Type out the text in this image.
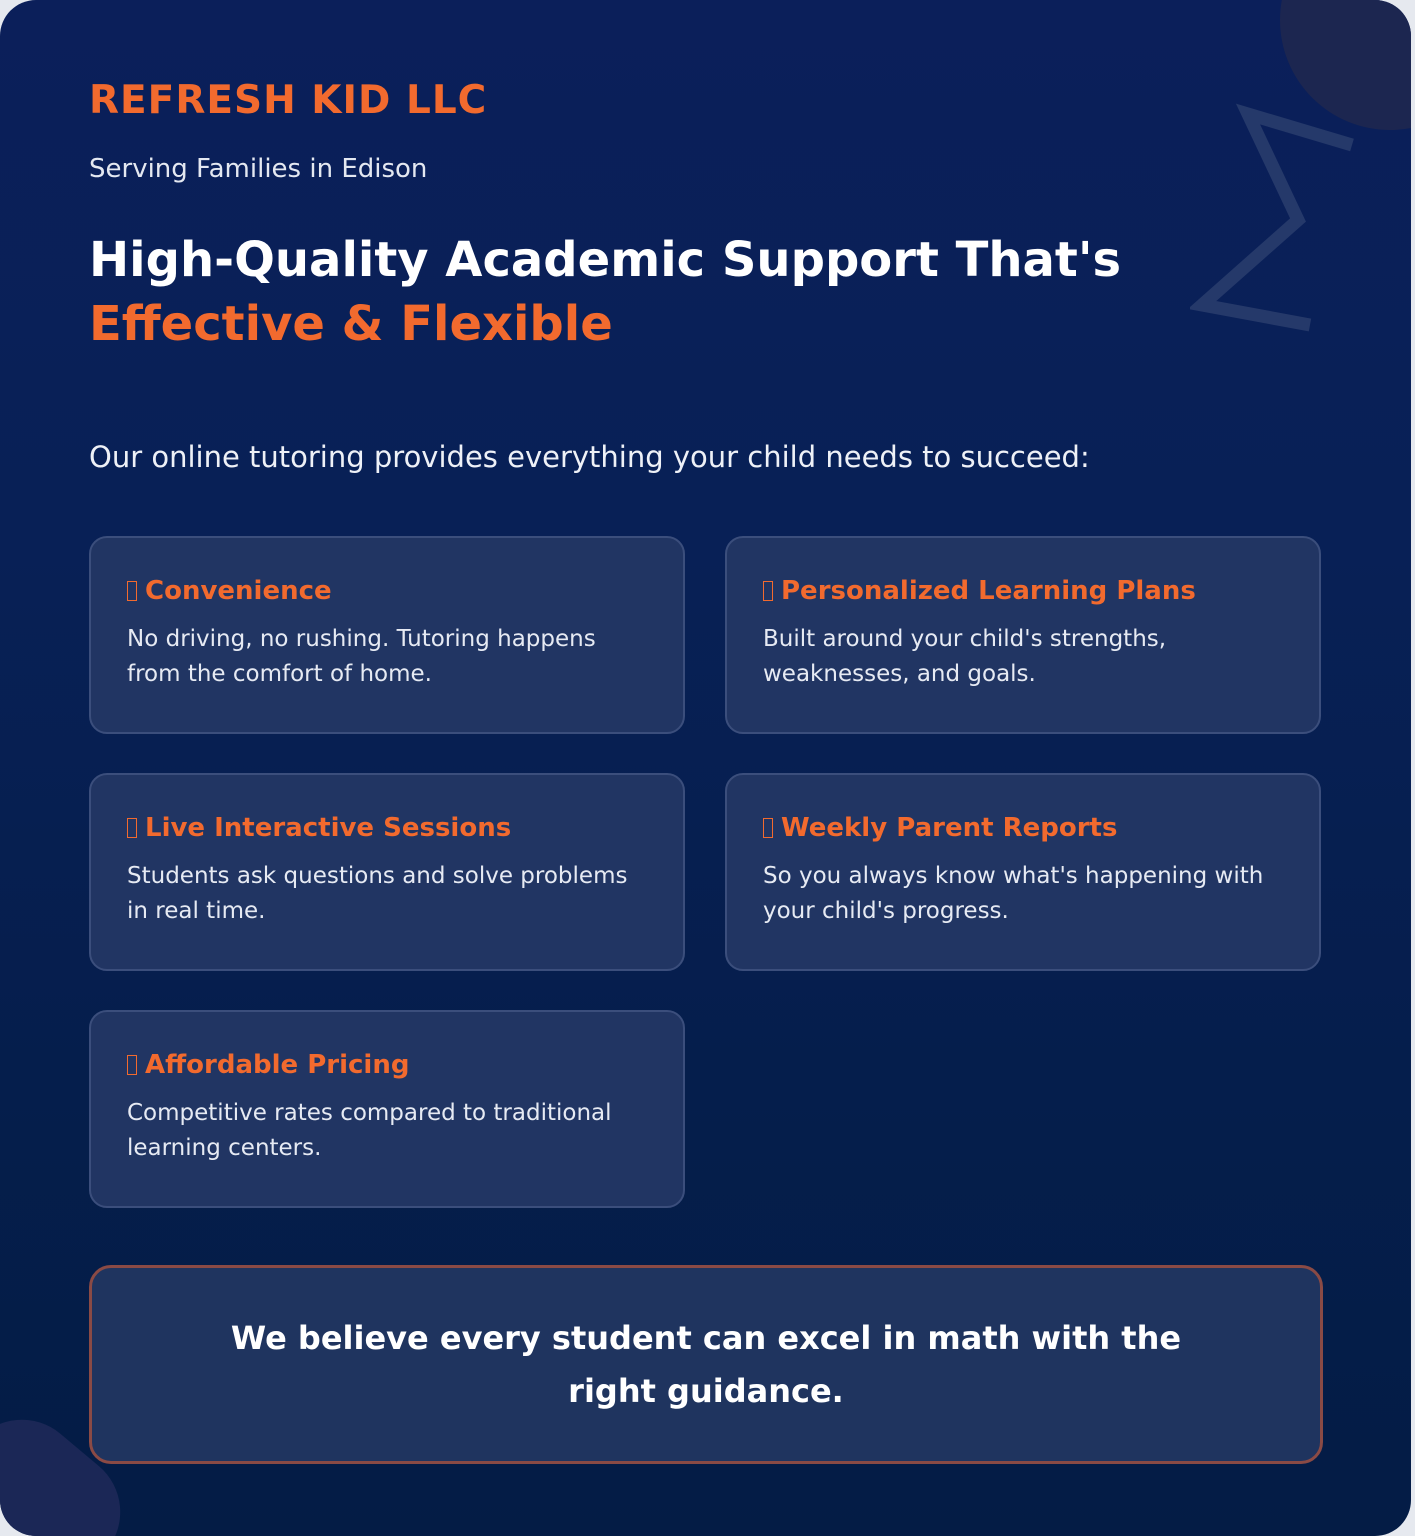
REFRESH KID LLC
Serving Families in Edison
High-Quality Academic Support That's Effective & Flexible
Our online tutoring provides everything your child needs to succeed:
Convenience
No driving, no rushing. Tutoring happens from the comfort of home.
Personalized Learning Plans
Built around your child's strengths, weaknesses, and goals.
Live Interactive Sessions
Students ask questions and solve problems in real time.
Weekly Parent Reports
So you always know what's happening with your child's progress.
Affordable Pricing
Competitive rates compared to traditional learning centers.
We believe every student can excel in math with the right guidance.
